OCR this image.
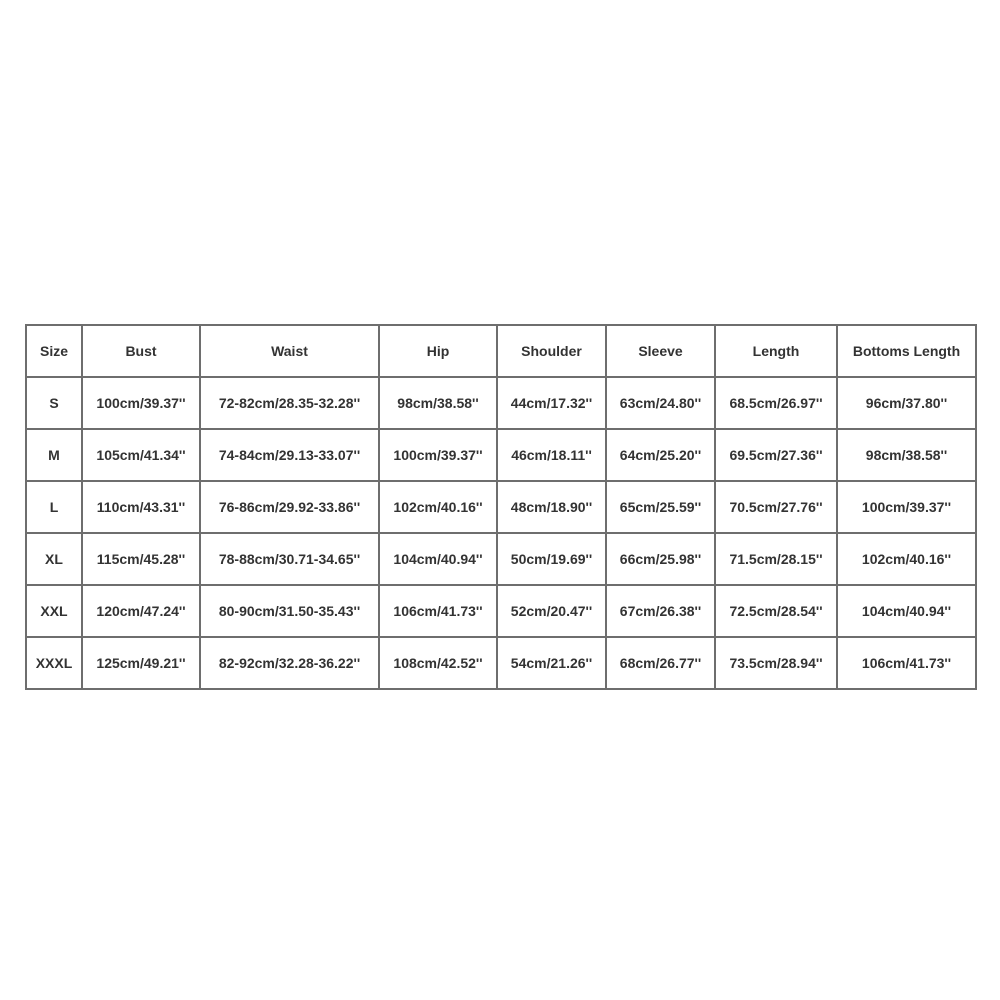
Size	Bust	Waist	Hip	Shoulder	Sleeve	Length	Bottoms Length
S	100cm/39.37''	72-82cm/28.35-32.28''	98cm/38.58''	44cm/17.32''	63cm/24.80''	68.5cm/26.97''	96cm/37.80''
M	105cm/41.34''	74-84cm/29.13-33.07''	100cm/39.37''	46cm/18.11''	64cm/25.20''	69.5cm/27.36''	98cm/38.58''
L	110cm/43.31''	76-86cm/29.92-33.86''	102cm/40.16''	48cm/18.90''	65cm/25.59''	70.5cm/27.76''	100cm/39.37''
XL	115cm/45.28''	78-88cm/30.71-34.65''	104cm/40.94''	50cm/19.69''	66cm/25.98''	71.5cm/28.15''	102cm/40.16''
XXL	120cm/47.24''	80-90cm/31.50-35.43''	106cm/41.73''	52cm/20.47''	67cm/26.38''	72.5cm/28.54''	104cm/40.94''
XXXL	125cm/49.21''	82-92cm/32.28-36.22''	108cm/42.52''	54cm/21.26''	68cm/26.77''	73.5cm/28.94''	106cm/41.73''
